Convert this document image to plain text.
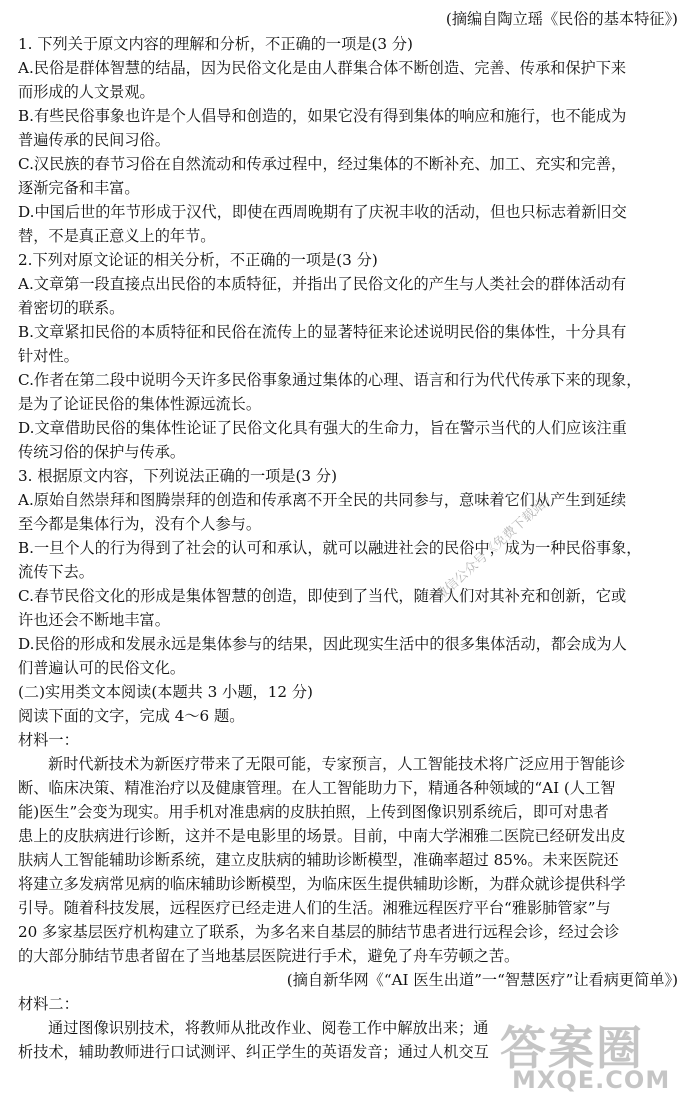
(摘编自陶立瑶《民俗的基本特征》)
1. 下列关于原文内容的理解和分析，不正确的一项是(3 分)
A.民俗是群体智慧的结晶，因为民俗文化是由人群集合体不断创造、完善、传承和保护下来
而形成的人文景观。
B.有些民俗事象也许是个人倡导和创造的，如果它没有得到集体的响应和施行，也不能成为
普遍传承的民间习俗。
C.汉民族的春节习俗在自然流动和传承过程中，经过集体的不断补充、加工、充实和完善，
逐渐完备和丰富。
D.中国后世的年节形成于汉代，即使在西周晚期有了庆祝丰收的活动，但也只标志着新旧交
替，不是真正意义上的年节。
2.下列对原文论证的相关分析，不正确的一项是(3 分)
A.文章第一段直接点出民俗的本质特征，并指出了民俗文化的产生与人类社会的群体活动有
着密切的联系。
B.文章紧扣民俗的本质特征和民俗在流传上的显著特征来论述说明民俗的集体性，十分具有
针对性。
C.作者在第二段中说明今天许多民俗事象通过集体的心理、语言和行为代代传承下来的现象，
是为了论证民俗的集体性源远流长。
D.文章借助民俗的集体性论证了民俗文化具有强大的生命力，旨在警示当代的人们应该注重
传统习俗的保护与传承。
3. 根据原文内容，下列说法正确的一项是(3 分)
A.原始自然崇拜和图腾崇拜的创造和传承离不开全民的共同参与，意味着它们从产生到延续
至今都是集体行为，没有个人参与。
B.一旦个人的行为得到了社会的认可和承认，就可以融进社会的民俗中，成为一种民俗事象，
流传下去。
C.春节民俗文化的形成是集体智慧的创造，即使到了当代，随着人们对其补充和创新，它或
许也还会不断地丰富。
D.民俗的形成和发展永远是集体参与的结果，因此现实生活中的很多集体活动，都会成为人
们普遍认可的民俗文化。
(二)实用类文本阅读(本题共 3 小题，12 分)
阅读下面的文字，完成 4～6 题。
材料一：
新时代新技术为新医疗带来了无限可能，专家预言，人工智能技术将广泛应用于智能诊
断、临床决策、精准治疗以及健康管理。在人工智能助力下，精通各种领域的“AI (人工智
能)医生”会变为现实。用手机对准患病的皮肤拍照，上传到图像识别系统后，即可对患者
患上的皮肤病进行诊断，这并不是电影里的场景。目前，中南大学湘雅二医院已经研发出皮
肤病人工智能辅助诊断系统，建立皮肤病的辅助诊断模型，准确率超过 85%。未来医院还
将建立多发病常见病的临床辅助诊断模型，为临床医生提供辅助诊断，为群众就诊提供科学
引导。随着科技发展，远程医疗已经走进人们的生活。湘雅远程医疗平台“雅影肺管家”与
20 多家基层医疗机构建立了联系，为多名来自基层的肺结节患者进行远程会诊，经过会诊
的大部分肺结节患者留在了当地基层医院进行手术，避免了舟车劳顿之苦。
(摘自新华网《“AI 医生出道”一“智慧医疗”让看病更简单》)
材料二：
通过图像识别技术，将教师从批改作业、阅卷工作中解放出来；通
析技术，辅助教师进行口试测评、纠正学生的英语发音；通过人机交互
微信公众号《免费下载站》
答案圈
MXQE.COM
